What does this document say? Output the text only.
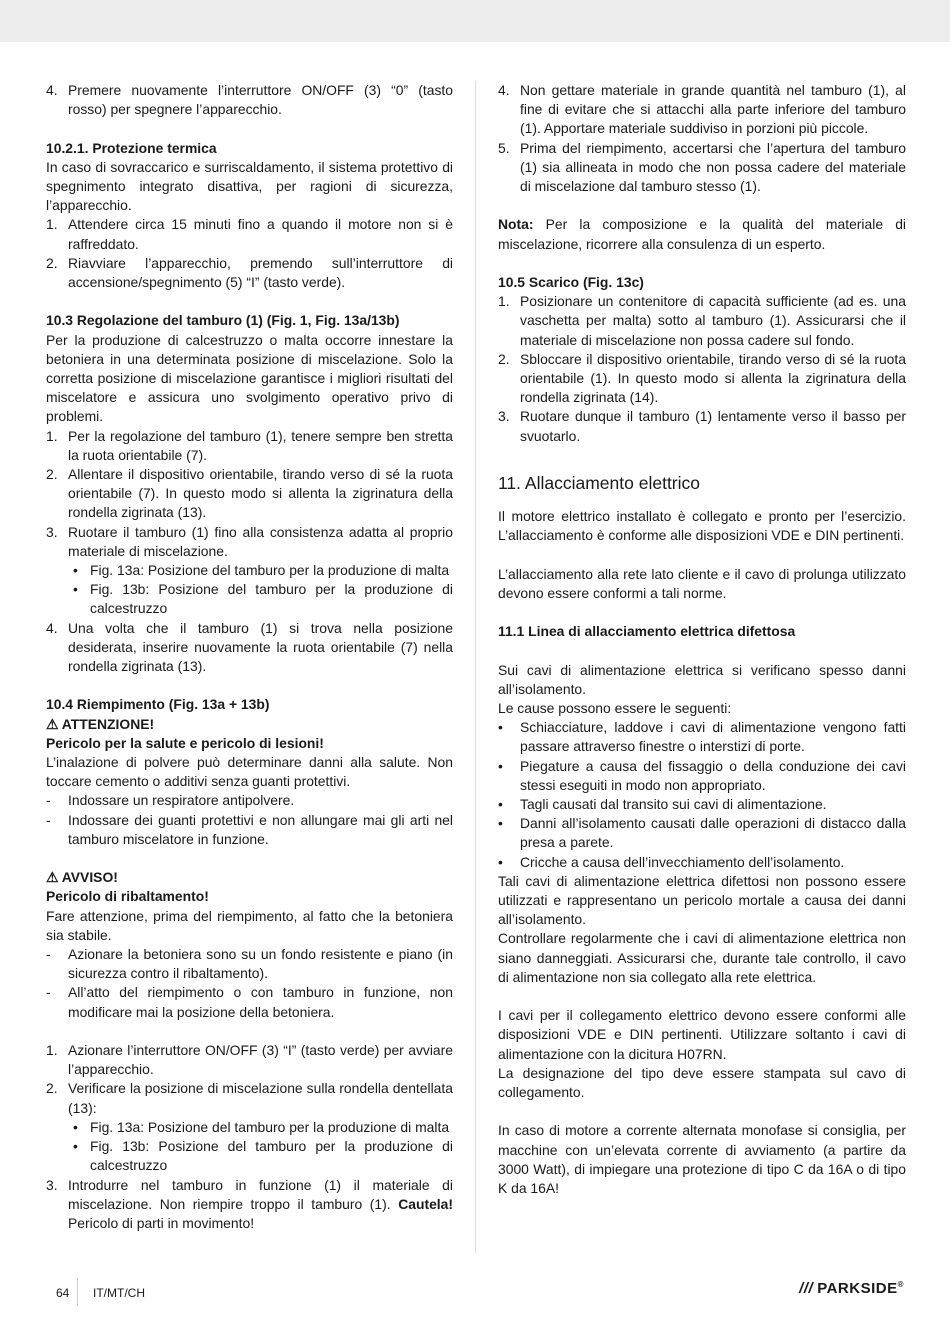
4. Premere nuovamente l’interruttore ON/OFF (3) “0” (tasto rosso) per spegnere l’apparecchio.

10.2.1. Protezione termica

In caso di sovraccarico e surriscaldamento, il sistema protettivo di spegnimento integrato disattiva, per ragioni di sicurezza, l’apparecchio.

1. Attendere circa 15 minuti fino a quando il motore non si è raffreddato.
2. Riavviare l’apparecchio, premendo sull’interruttore di accensione/spegnimento (5) “I” (tasto verde).

10.3 Regolazione del tamburo (1) (Fig. 1, Fig. 13a/13b)

Per la produzione di calcestruzzo o malta occorre innestare la betoniera in una determinata posizione di miscelazione. Solo la corretta posizione di miscelazione garantisce i migliori risultati del miscelatore e assicura uno svolgimento operativo privo di problemi.

1. Per la regolazione del tamburo (1), tenere sempre ben stretta la ruota orientabile (7).
2. Allentare il dispositivo orientabile, tirando verso di sé la ruota orientabile (7). In questo modo si allenta la zigrinatura della rondella zigrinata (13).
3. Ruotare il tamburo (1) fino alla consistenza adatta al proprio materiale di miscelazione.
• Fig. 13a: Posizione del tamburo per la produzione di malta
• Fig. 13b: Posizione del tamburo per la produzione di calcestruzzo
4. Una volta che il tamburo (1) si trova nella posizione desiderata, inserire nuovamente la ruota orientabile (7) nella rondella zigrinata (13).

10.4 Riempimento (Fig. 13a + 13b)

⚠ ATTENZIONE!

Pericolo per la salute e pericolo di lesioni!

L’inalazione di polvere può determinare danni alla salute. Non toccare cemento o additivi senza guanti protettivi.

- Indossare un respiratore antipolvere.
- Indossare dei guanti protettivi e non allungare mai gli arti nel tamburo miscelatore in funzione.

⚠ AVVISO!

Pericolo di ribaltamento!

Fare attenzione, prima del riempimento, al fatto che la betoniera sia stabile.

- Azionare la betoniera sono su un fondo resistente e piano (in sicurezza contro il ribaltamento).
- All’atto del riempimento o con tamburo in funzione, non modificare mai la posizione della betoniera.
1. Azionare l’interruttore ON/OFF (3) “I” (tasto verde) per avviare l’apparecchio.
2. Verificare la posizione di miscelazione sulla rondella dentellata (13):
• Fig. 13a: Posizione del tamburo per la produzione di malta
• Fig. 13b: Posizione del tamburo per la produzione di calcestruzzo
3. Introdurre nel tamburo in funzione (1) il materiale di miscelazione. Non riempire troppo il tamburo (1). Cautela! Pericolo di parti in movimento!
4. Non gettare materiale in grande quantità nel tamburo (1), al fine di evitare che si attacchi alla parte inferiore del tamburo (1). Apportare materiale suddiviso in porzioni più piccole.
5. Prima del riempimento, accertarsi che l’apertura del tamburo (1) sia allineata in modo che non possa cadere del materiale di miscelazione dal tamburo stesso (1).

Nota: Per la composizione e la qualità del materiale di miscelazione, ricorrere alla consulenza di un esperto.

10.5 Scarico (Fig. 13c)

1. Posizionare un contenitore di capacità sufficiente (ad es. una vaschetta per malta) sotto al tamburo (1). Assicurarsi che il materiale di miscelazione non possa cadere sul fondo.
2. Sbloccare il dispositivo orientabile, tirando verso di sé la ruota orientabile (1). In questo modo si allenta la zigrinatura della rondella zigrinata (14).
3. Ruotare dunque il tamburo (1) lentamente verso il basso per svuotarlo.

11. Allacciamento elettrico

Il motore elettrico installato è collegato e pronto per l’esercizio. L’allacciamento è conforme alle disposizioni VDE e DIN pertinenti.

L’allacciamento alla rete lato cliente e il cavo di prolunga utilizzato devono essere conformi a tali norme.

11.1 Linea di allacciamento elettrica difettosa

Sui cavi di alimentazione elettrica si verificano spesso danni all’isolamento.

Le cause possono essere le seguenti:

• Schiacciature, laddove i cavi di alimentazione vengono fatti passare attraverso finestre o interstizi di porte.
• Piegature a causa del fissaggio o della conduzione dei cavi stessi eseguiti in modo non appropriato.
• Tagli causati dal transito sui cavi di alimentazione.
• Danni all’isolamento causati dalle operazioni di distacco dalla presa a parete.
• Cricche a causa dell’invecchiamento dell’isolamento.

Tali cavi di alimentazione elettrica difettosi non possono essere utilizzati e rappresentano un pericolo mortale a causa dei danni all’isolamento.

Controllare regolarmente che i cavi di alimentazione elettrica non siano danneggiati. Assicurarsi che, durante tale controllo, il cavo di alimentazione non sia collegato alla rete elettrica.

I cavi per il collegamento elettrico devono essere conformi alle disposizioni VDE e DIN pertinenti. Utilizzare soltanto i cavi di alimentazione con la dicitura H07RN.

La designazione del tipo deve essere stampata sul cavo di collegamento.

In caso di motore a corrente alternata monofase si consiglia, per macchine con un’elevata corrente di avviamento (a partire da 3000 Watt), di impiegare una protezione di tipo C da 16A o di tipo K da 16A!

64 IT/MT/CH	/// PARKSIDE®
